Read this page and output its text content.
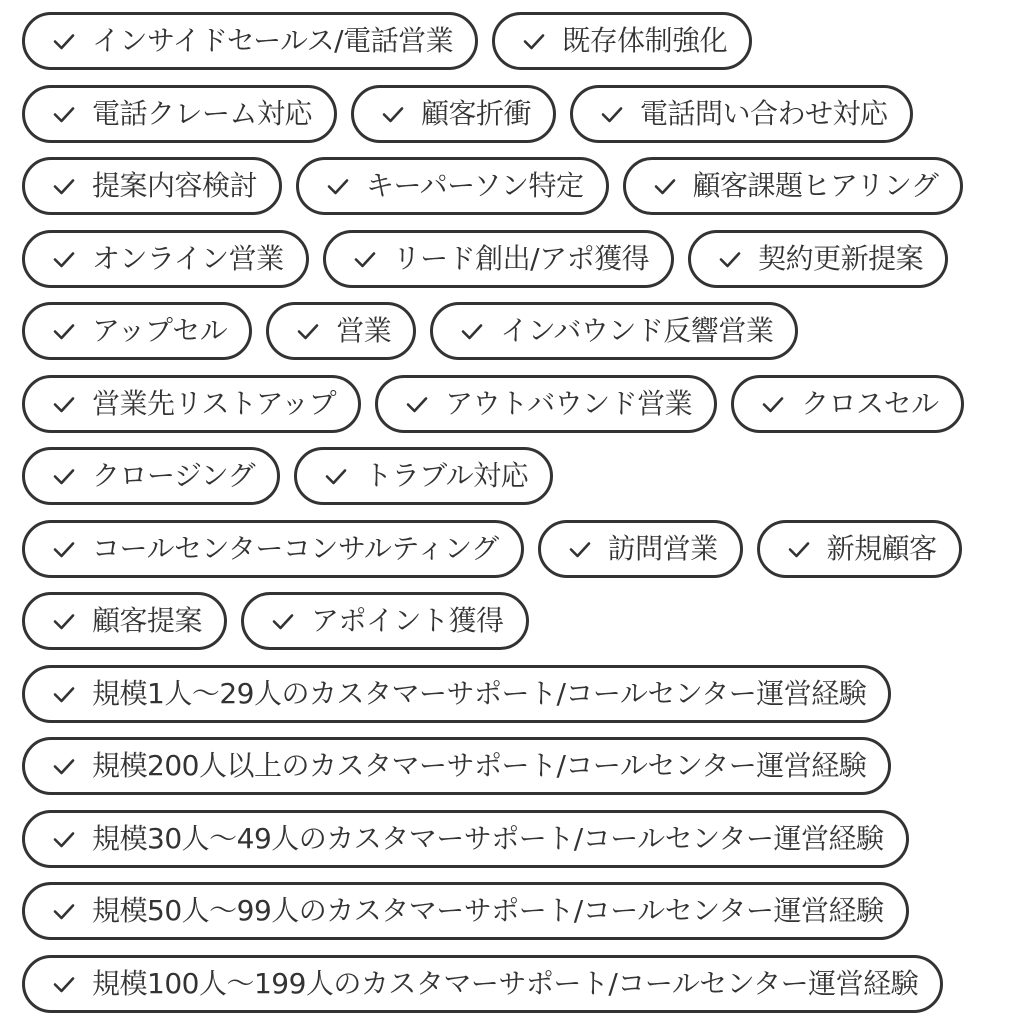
インサイドセールス/電話営業	既存体制強化
電話クレーム対応	顧客折衝	電話問い合わせ対応
提案内容検討	キーパーソン特定	顧客課題ヒアリング
オンライン営業	リード創出/アポ獲得	契約更新提案
アップセル	営業	インバウンド反響営業
営業先リストアップ	アウトバウンド営業	クロスセル
クロージング	トラブル対応
コールセンターコンサルティング	訪問営業	新規顧客
顧客提案	アポイント獲得
規模1人〜29人のカスタマーサポート/コールセンター運営経験
規模200人以上のカスタマーサポート/コールセンター運営経験
規模30人〜49人のカスタマーサポート/コールセンター運営経験
規模50人〜99人のカスタマーサポート/コールセンター運営経験
規模100人〜199人のカスタマーサポート/コールセンター運営経験
